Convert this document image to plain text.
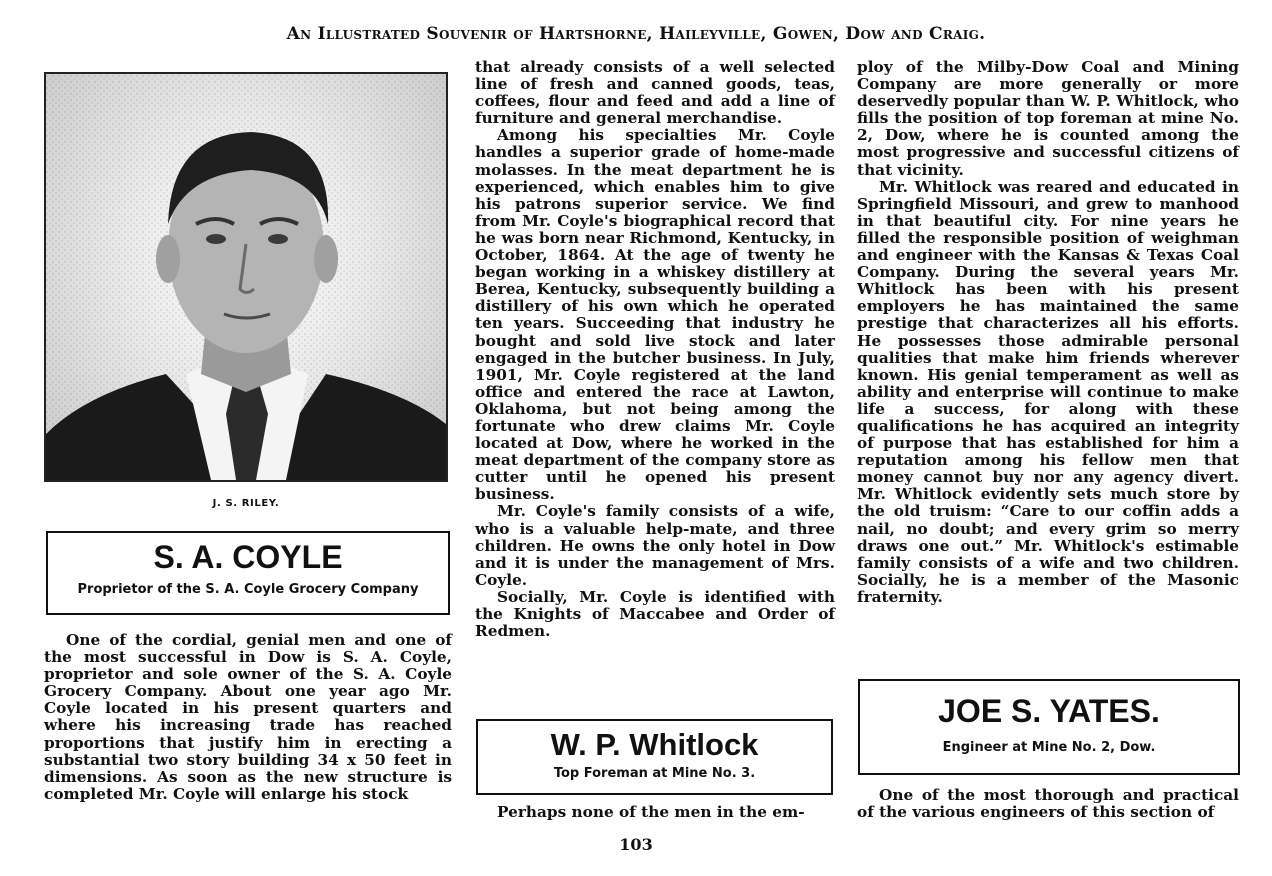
An Illustrated Souvenir of Hartshorne, Haileyville, Gowen, Dow and Craig.
J. S. RILEY.
S. A. COYLE
Proprietor of the S. A. Coyle Grocery Company

One of the cordial, genial men and one of the most successful in Dow is S. A. Coyle, proprietor and sole owner of the S. A. Coyle Grocery Company. About one year ago Mr. Coyle located in his present quarters and where his increasing trade has reached proportions that justify him in erecting a substantial two story building 34 x 50 feet in dimensions. As soon as the new structure is completed Mr. Coyle will enlarge his stock

that already consists of a well selected line of fresh and canned goods, teas, coffees, flour and feed and add a line of furniture and general merchandise.

Among his specialties Mr. Coyle handles a superior grade of home-made molasses. In the meat department he is experienced, which enables him to give his patrons superior service. We find from Mr. Coyle's biographical record that he was born near Richmond, Kentucky, in October, 1864. At the age of twenty he began working in a whiskey distillery at Berea, Kentucky, subsequently building a distillery of his own which he operated ten years. Succeeding that industry he bought and sold live stock and later engaged in the butcher business. In July, 1901, Mr. Coyle registered at the land office and entered the race at Lawton, Oklahoma, but not being among the fortunate who drew claims Mr. Coyle located at Dow, where he worked in the meat department of the company store as cutter until he opened his present business.

Mr. Coyle's family consists of a wife, who is a valuable help-mate, and three children. He owns the only hotel in Dow and it is under the management of Mrs. Coyle.

Socially, Mr. Coyle is identified with the Knights of Maccabee and Order of Redmen.

W. P. Whitlock
Top Foreman at Mine No. 3.

Perhaps none of the men in the em-

ploy of the Milby-Dow Coal and Mining Company are more generally or more deservedly popular than W. P. Whitlock, who fills the position of top foreman at mine No. 2, Dow, where he is counted among the most progressive and successful citizens of that vicinity.

Mr. Whitlock was reared and educated in Springfield Missouri, and grew to manhood in that beautiful city. For nine years he filled the responsible position of weighman and engineer with the Kansas & Texas Coal Company. During the several years Mr. Whitlock has been with his present employers he has maintained the same prestige that characterizes all his efforts. He possesses those admirable personal qualities that make him friends wherever known. His genial temperament as well as ability and enterprise will continue to make life a success, for along with these qualifications he has acquired an integrity of purpose that has established for him a reputation among his fellow men that money cannot buy nor any agency divert. Mr. Whitlock evidently sets much store by the old truism: “Care to our coffin adds a nail, no doubt; and every grim so merry draws one out.” Mr. Whitlock's estimable family consists of a wife and two children. Socially, he is a member of the Masonic fraternity.

JOE S. YATES.
Engineer at Mine No. 2, Dow.

One of the most thorough and practical of the various engineers of this section of

103
